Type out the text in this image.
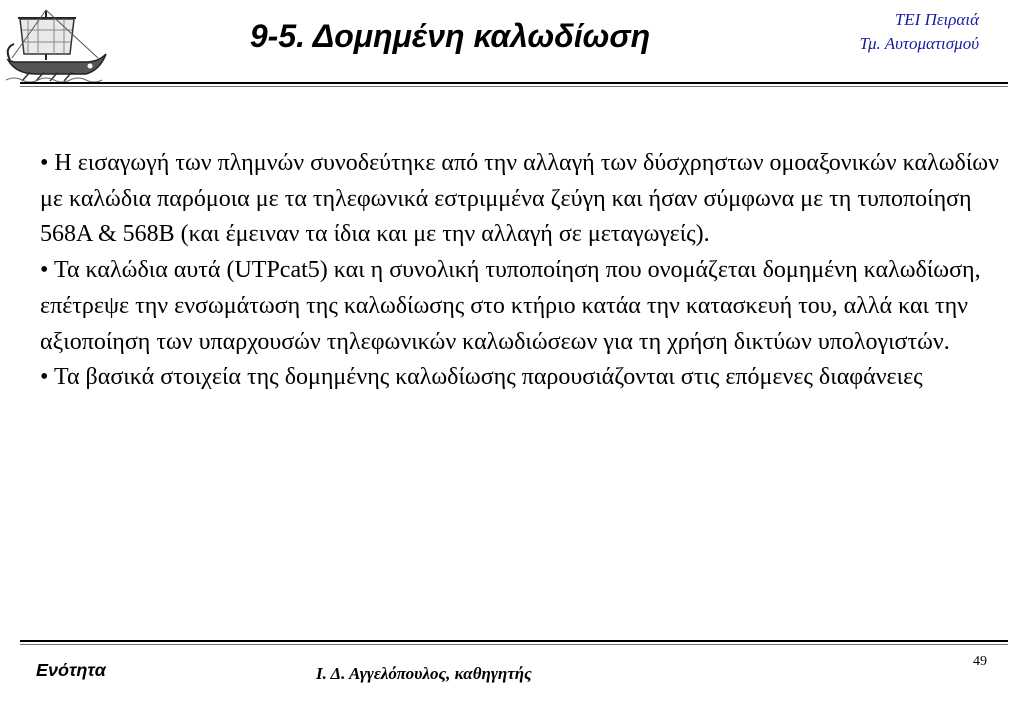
9-5. Δομημένη καλωδίωση	ΤΕΙ Πειραιά
Τμ. Αυτοματισμού

• Η εισαγωγή των πλημνών συνοδεύτηκε από την αλλαγή των δύσχρηστων ομοαξονικών καλωδίων με καλώδια παρόμοια με τα τηλεφωνικά εστριμμένα ζεύγη και ήσαν σύμφωνα με τη τυποποίηση 568Α & 568Β (και έμειναν τα ίδια και με την αλλαγή σε μεταγωγείς).

• Τα καλώδια αυτά (UTPcat5) και η συνολική τυποποίηση που ονομάζεται δομημένη καλωδίωση, επέτρεψε την ενσωμάτωση της καλωδίωσης στο κτήριο κατάα την κατασκευή του, αλλά και την αξιοποίηση των υπαρχουσών τηλεφωνικών καλωδιώσεων για τη χρήση δικτύων υπολογιστών.

• Τα βασικά στοιχεία της δομημένης καλωδίωσης παρουσιάζονται στις επόμενες διαφάνειες

Ενότητα	Ι. Δ. Αγγελόπουλος, καθηγητής
49
